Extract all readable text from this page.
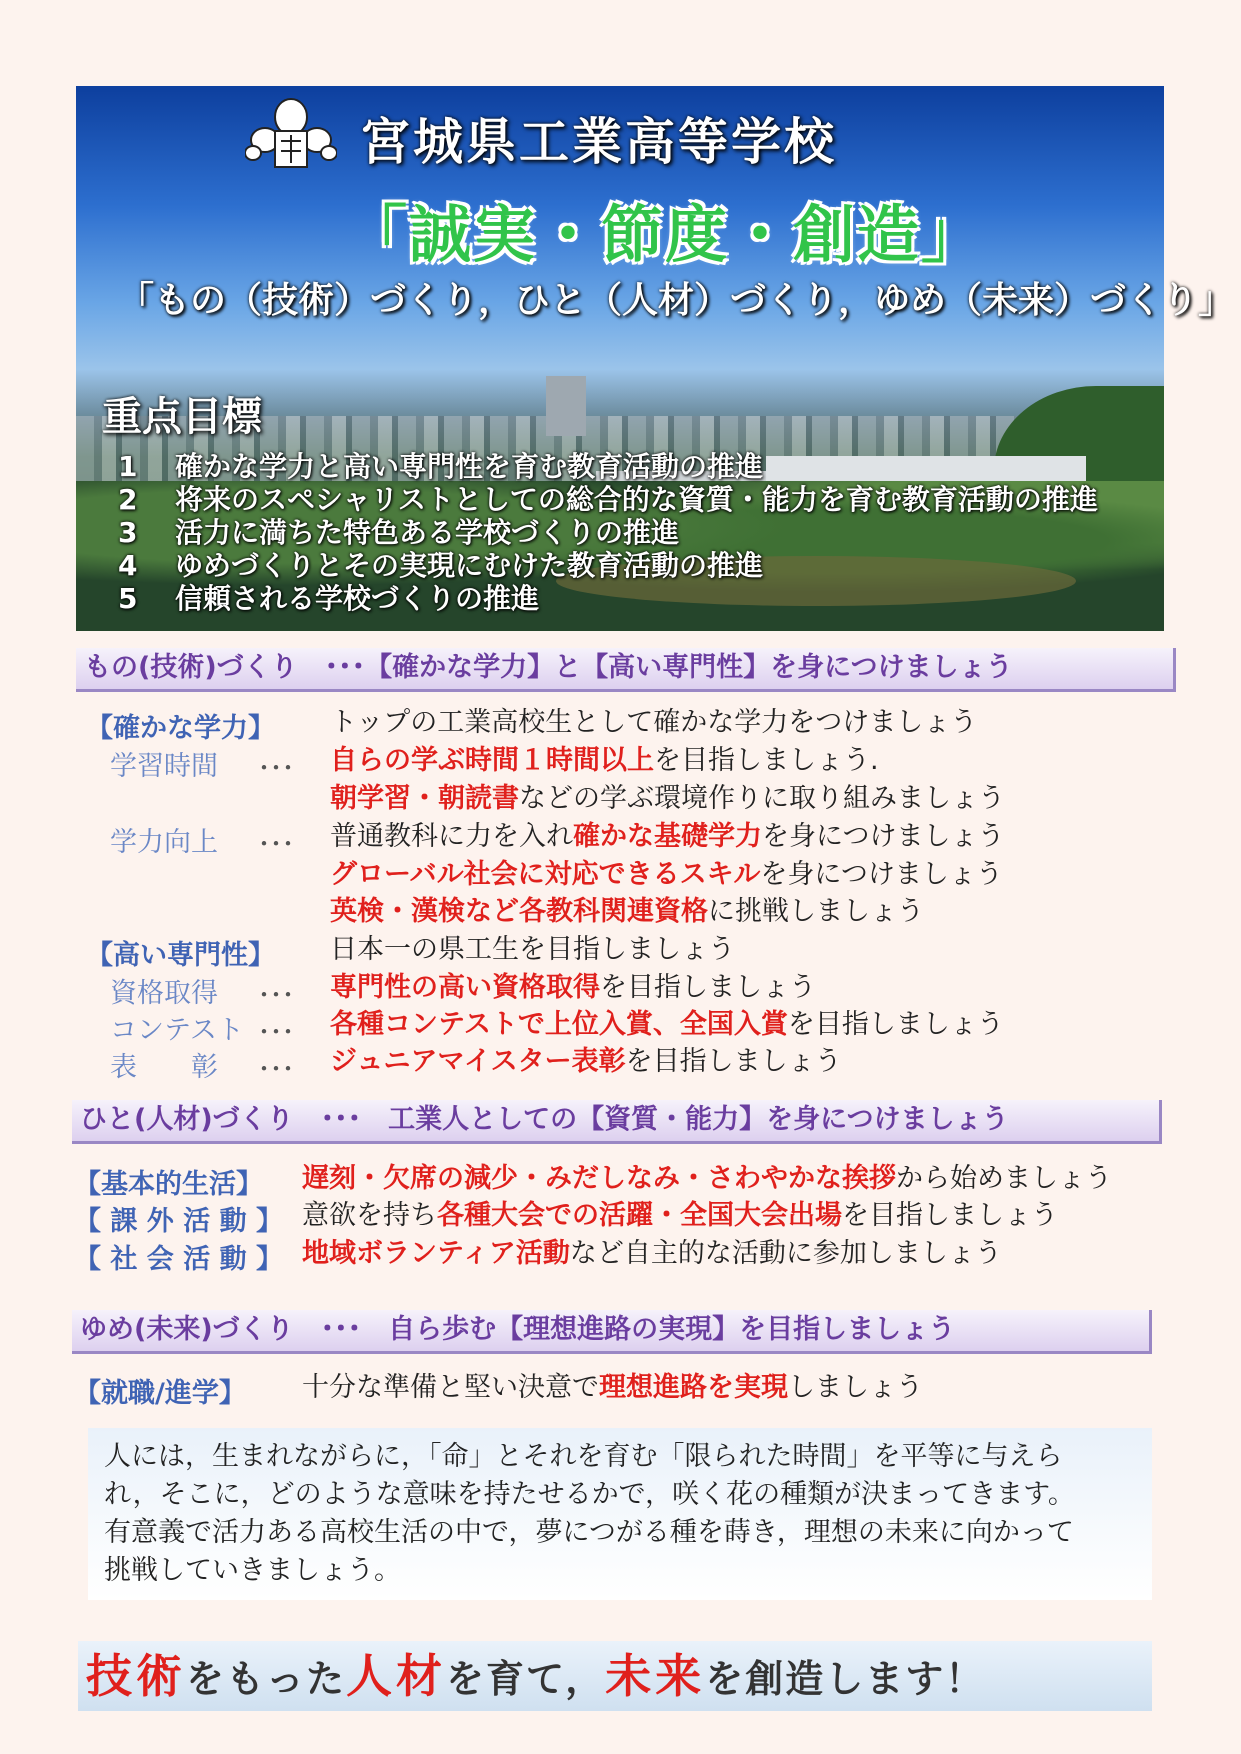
宮城県工業高等学校
「誠実・節度・創造」
「もの（技術）づくり，ひと（人材）づくり，ゆめ（未来）づくり」
重点目標
1 確かな学力と高い専門性を育む教育活動の推進
2 将来のスペシャリストとしての総合的な資質・能力を育む教育活動の推進
3 活力に満ちた特色ある学校づくりの推進
4 ゆめづくりとその実現にむけた教育活動の推進
5 信頼される学校づくりの推進
もの(技術)づくり　･･･【確かな学力】と【高い専門性】を身につけましょう
【確かな学力】 トップの工業高校生として確かな学力をつけましょう
学習時間 ･･･ 自らの学ぶ時間１時間以上を目指しましょう.
朝学習・朝読書などの学ぶ環境作りに取り組みましょう
学力向上 ･･･ 普通教科に力を入れ確かな基礎学力を身につけましょう
グローバル社会に対応できるスキルを身につけましょう
英検・漢検など各教科関連資格に挑戦しましょう
【高い専門性】 日本一の県工生を目指しましょう
資格取得 ･･･ 専門性の高い資格取得を目指しましょう
コンテスト ･･･ 各種コンテストで上位入賞、全国入賞を目指しましょう
表　　彰 ･･･ ジュニアマイスター表彰を目指しましょう
ひと(人材)づくり　･･･　工業人としての【資質・能力】を身につけましょう
【基本的生活】 遅刻・欠席の減少・みだしなみ・さわやかな挨拶から始めましょう
【 課 外 活 動 】 意欲を持ち各種大会での活躍・全国大会出場を目指しましょう
【 社 会 活 動 】 地域ボランティア活動など自主的な活動に参加しましょう
ゆめ(未来)づくり　･･･　自ら歩む【理想進路の実現】を目指しましょう
【就職/進学】 十分な準備と堅い決意で理想進路を実現しましょう
人には，生まれながらに，「命」とそれを育む「限られた時間」を平等に与えら
れ，そこに，どのような意味を持たせるかで，咲く花の種類が決まってきます。
有意義で活力ある高校生活の中で，夢につがる種を蒔き，理想の未来に向かって
挑戦していきましょう。
技術をもった人材を育て，未来を創造します！
